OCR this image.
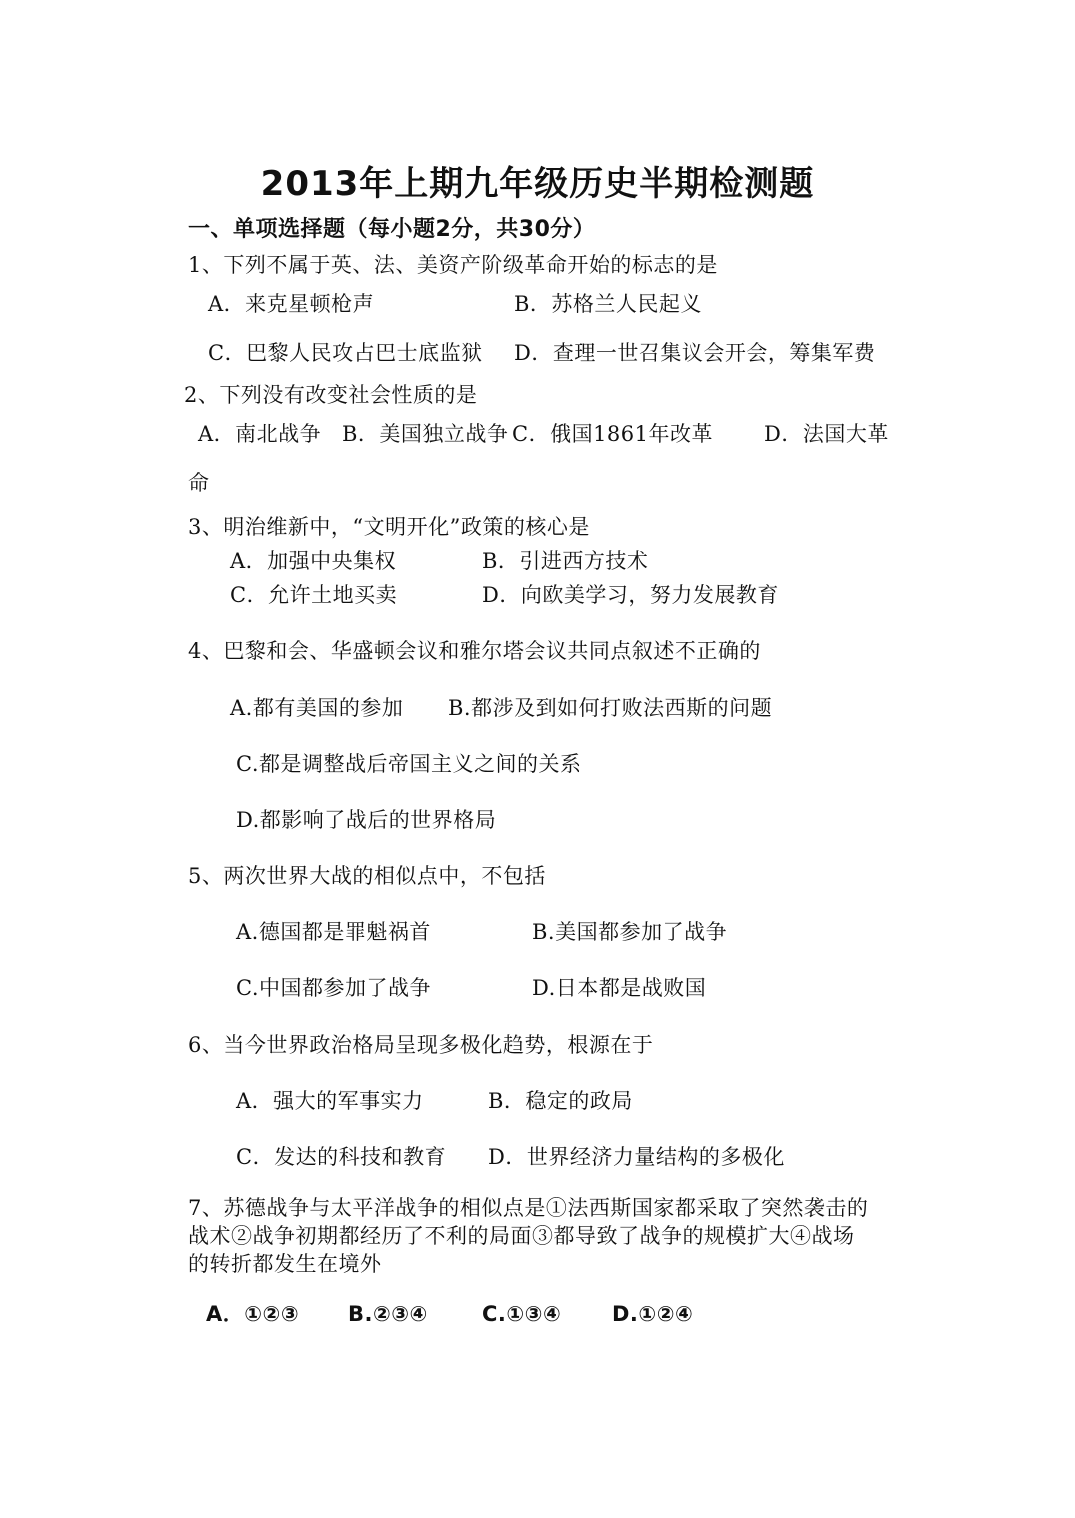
2013年上期九年级历史半期检测题
一、单项选择题（每小题2分，共30分）
1、下列不属于英、法、美资产阶级革命开始的标志的是
A．来克星顿枪声	B．苏格兰人民起义
C．巴黎人民攻占巴士底监狱 D．查理一世召集议会开会，筹集军费
2、下列没有改变社会性质的是
A．南北战争 B．美国独立战争 C．俄国1861年改革 D．法国大革
命
3、明治维新中，“文明开化”政策的核心是
A．加强中央集权	B．引进西方技术
C．允许土地买卖	D．向欧美学习，努力发展教育
4、巴黎和会、华盛顿会议和雅尔塔会议共同点叙述不正确的
A.都有美国的参加 B.都涉及到如何打败法西斯的问题
C.都是调整战后帝国主义之间的关系
D.都影响了战后的世界格局
5、两次世界大战的相似点中，不包括
A.德国都是罪魁祸首	B.美国都参加了战争
C.中国都参加了战争	D.日本都是战败国
6、当今世界政治格局呈现多极化趋势，根源在于
A．强大的军事实力	B．稳定的政局
C．发达的科技和教育 D．世界经济力量结构的多极化
7、苏德战争与太平洋战争的相似点是①法西斯国家都采取了突然袭击的
战术②战争初期都经历了不利的局面③都导致了战争的规模扩大④战场
的转折都发生在境外
A．①②③ B.②③④	C.①③④ D.①②④
